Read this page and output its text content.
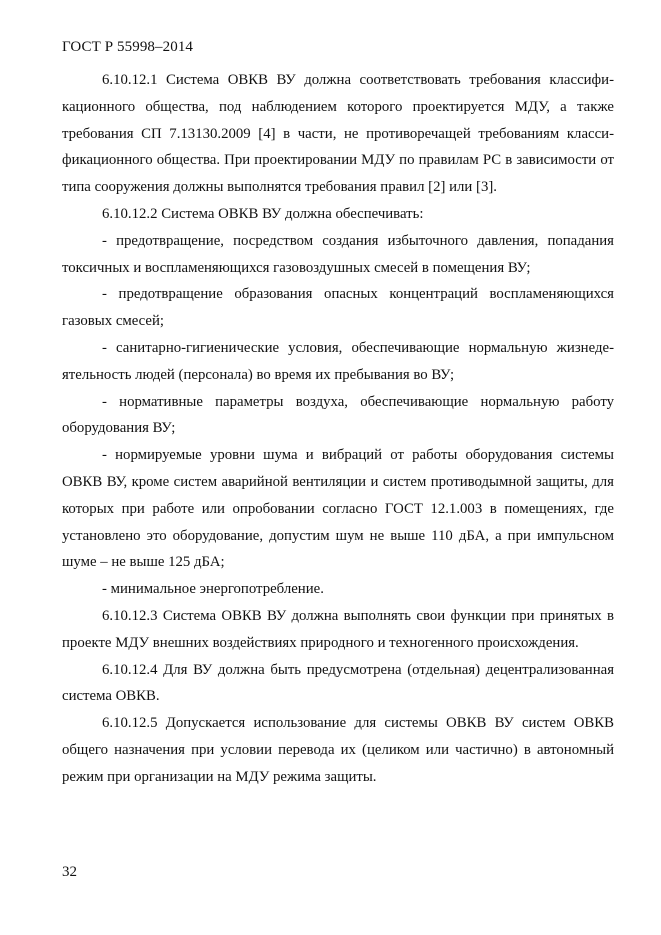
ГОСТ Р 55998–2014

6.10.12.1 Система ОВКВ ВУ должна соответствовать требования классификационного общества, под наблюдением которого проектируется МДУ, а также требования СП 7.13130.2009 [4] в части, не противоречащей требованиям классификационного общества. При проектировании МДУ по правилам РС в зависимости от типа сооружения должны выполнятся требования правил [2] или [3].

6.10.12.2 Система ОВКВ ВУ должна обеспечивать:

- предотвращение, посредством создания избыточного давления, попадания токсичных и воспламеняющихся газовоздушных смесей в помещения ВУ;

- предотвращение образования опасных концентраций воспламеняющихся газовых смесей;

- санитарно-гигиенические условия, обеспечивающие нормальную жизнедеятельность людей (персонала) во время их пребывания во ВУ;

- нормативные параметры воздуха, обеспечивающие нормальную работу оборудования ВУ;

- нормируемые уровни шума и вибраций от работы оборудования системы ОВКВ ВУ, кроме систем аварийной вентиляции и систем противодымной защиты, для которых при работе или опробовании согласно ГОСТ 12.1.003 в помещениях, где установлено это оборудование, допустим шум не выше 110 дБА, а при импульсном шуме – не выше 125 дБА;

- минимальное энергопотребление.

6.10.12.3 Система ОВКВ ВУ должна выполнять свои функции при принятых в проекте МДУ внешних воздействиях природного и техногенного происхождения.

6.10.12.4 Для ВУ должна быть предусмотрена (отдельная) децентрализованная система ОВКВ.

6.10.12.5 Допускается использование для системы ОВКВ ВУ систем ОВКВ общего назначения при условии перевода их (целиком или частично) в автономный режим при организации на МДУ режима защиты.

32
